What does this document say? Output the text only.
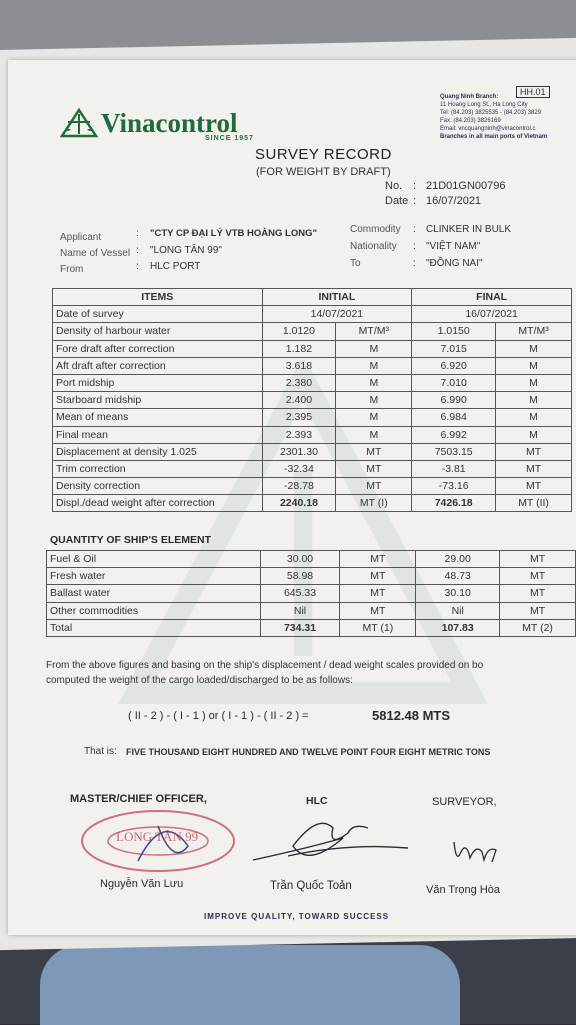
Vinacontrol
SINCE 1957
HH.01
Quang Ninh Branch:
11 Hoang Long St., Ha Long City
Tel: (84.203) 3825535 - (84.203) 3829
Fax: (84.203) 3826169
Email: vncquangninh@vinacontrol.c
Branches in all main ports of Vietnam
SURVEY RECORD
(FOR WEIGHT BY DRAFT)
No. : 21D01GN00796
Date : 16/07/2021
Applicant	: "CTY CP ĐẠI LÝ VTB HOÀNG LONG"
Name of Vessel : "LONG TÂN 99"
From	: HLC PORT
Commodity : CLINKER IN BULK
Nationality : "VIỆT NAM"
To	: "ĐỒNG NAI"
ITEMS	INITIAL		FINAL	
Date of survey	14/07/2021		16/07/2021	
Density of harbour water	1.0120	MT/M³	1.0150	MT/M³
Fore draft after correction	1.182	M	7.015	M
Aft draft after correction	3.618	M	6.920	M
Port midship	2.380	M	7.010	M
Starboard midship	2.400	M	6.990	M
Mean of means	2.395	M	6.984	M
Final mean	2.393	M	6.992	M
Displacement at density 1.025	2301.30	MT	7503.15	MT
Trim correction	-32.34	MT	-3.81	MT
Density correction	-28.78	MT	-73.16	MT
Displ./dead weight after correction	2240.18	MT (I)	7426.18	MT (II)
QUANTITY OF SHIP'S ELEMENT
Fuel & Oil	30.00	MT	29.00	MT
Fresh water	58.98	MT	48.73	MT
Ballast water	645.33	MT	30.10	MT
Other commodities	Nil	MT	Nil	MT
Total	734.31	MT (1)	107.83	MT (2)
From the above figures and basing on the ship's displacement / dead weight scales provided on bo
computed the weight of the cargo loaded/discharged to be as follows:
( II - 2 ) - ( I - 1 ) or ( I - 1 ) - ( II - 2 ) =	5812.48 MTS
That is: FIVE THOUSAND EIGHT HUNDRED AND TWELVE POINT FOUR EIGHT METRIC TONS
MASTER/CHIEF OFFICER,	HLC	SURVEYOR,
LONG TÂN 99
Nguyễn Văn Lưu	Trần Quốc Toản	Văn Trọng Hòa
IMPROVE QUALITY, TOWARD SUCCESS
